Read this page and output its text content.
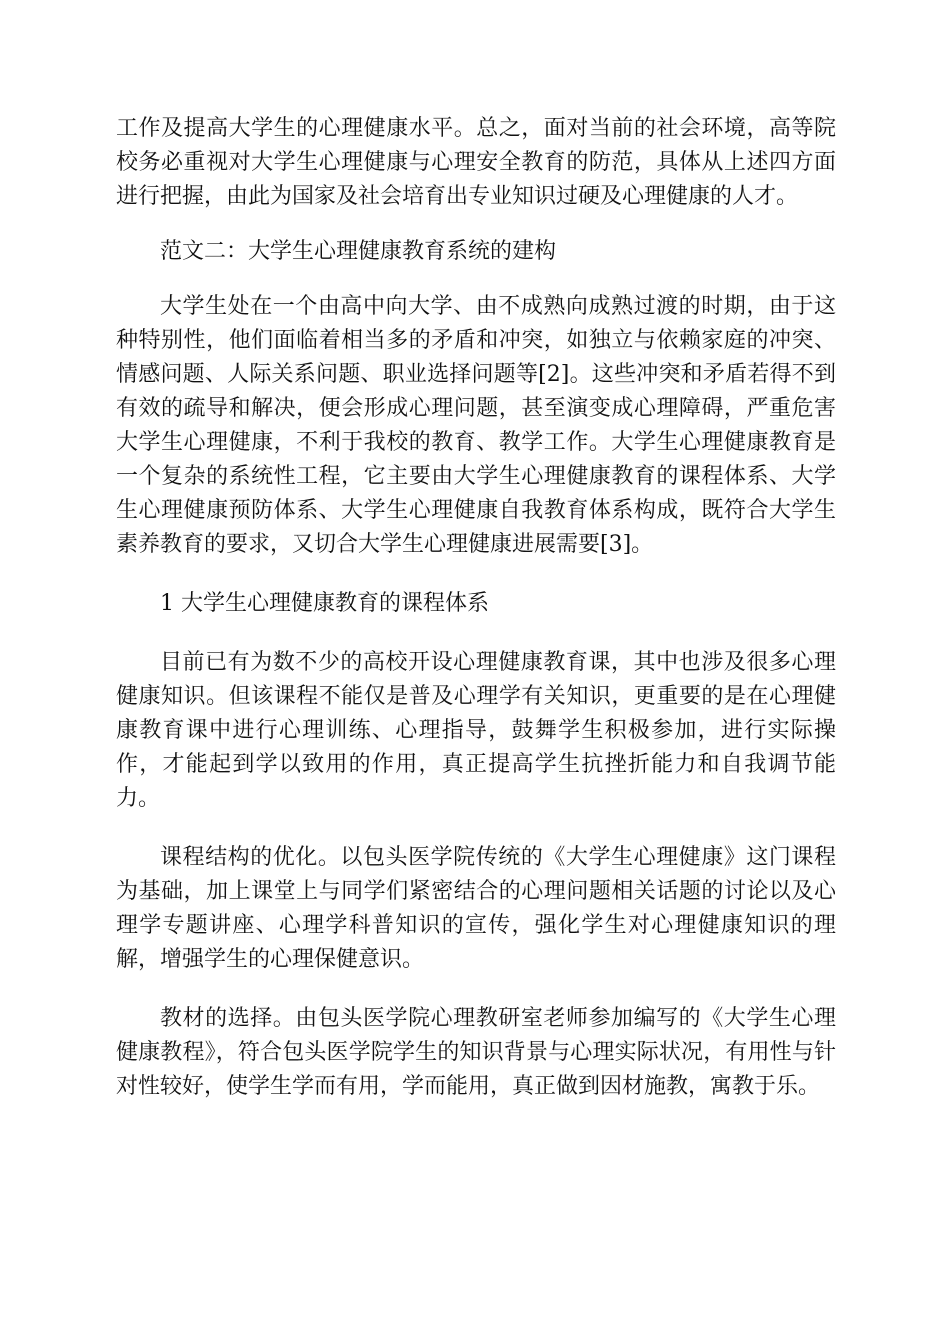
工作及提高大学生的心理健康水平。总之，面对当前的社会环境，高等院校务必重视对大学生心理健康与心理安全教育的防范，具体从上述四方面进行把握，由此为国家及社会培育出专业知识过硬及心理健康的人才。

范文二：大学生心理健康教育系统的建构

大学生处在一个由高中向大学、由不成熟向成熟过渡的时期，由于这种特别性，他们面临着相当多的矛盾和冲突，如独立与依赖家庭的冲突、情感问题、人际关系问题、职业选择问题等[2]。这些冲突和矛盾若得不到有效的疏导和解决，便会形成心理问题，甚至演变成心理障碍，严重危害大学生心理健康，不利于我校的教育、教学工作。大学生心理健康教育是一个复杂的系统性工程，它主要由大学生心理健康教育的课程体系、大学生心理健康预防体系、大学生心理健康自我教育体系构成，既符合大学生素养教育的要求，又切合大学生心理健康进展需要[3]。

1 大学生心理健康教育的课程体系

目前已有为数不少的高校开设心理健康教育课，其中也涉及很多心理健康知识。但该课程不能仅是普及心理学有关知识，更重要的是在心理健康教育课中进行心理训练、心理指导，鼓舞学生积极参加，进行实际操作，才能起到学以致用的作用，真正提高学生抗挫折能力和自我调节能力。

课程结构的优化。以包头医学院传统的《大学生心理健康》这门课程为基础，加上课堂上与同学们紧密结合的心理问题相关话题的讨论以及心理学专题讲座、心理学科普知识的宣传，强化学生对心理健康知识的理解，增强学生的心理保健意识。

教材的选择。由包头医学院心理教研室老师参加编写的《大学生心理健康教程》，符合包头医学院学生的知识背景与心理实际状况，有用性与针对性较好，使学生学而有用，学而能用，真正做到因材施教，寓教于乐。
